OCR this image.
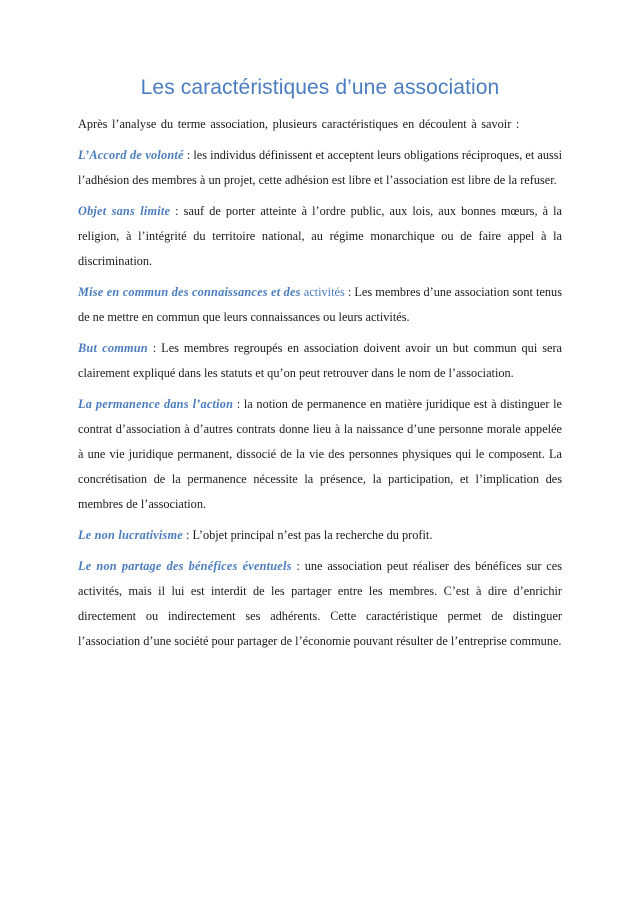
Les caractéristiques d’une association

Après l’analyse du terme association, plusieurs caractéristiques en découlent à savoir :

L’Accord de volonté : les individus définissent et acceptent leurs obligations réciproques, et aussi l’adhésion des membres à un projet, cette adhésion est libre et l’association est libre de la refuser.

Objet sans limite : sauf de porter atteinte à l’ordre public, aux lois, aux bonnes mœurs, à la religion, à l’intégrité du territoire national, au régime monarchique ou de faire appel à la discrimination.

Mise en commun des connaissances et des activités : Les membres d’une association sont tenus de ne mettre en commun que leurs connaissances ou leurs activités.

But commun : Les membres regroupés en association doivent avoir un but commun qui sera clairement expliqué dans les statuts et qu’on peut retrouver dans le nom de l’association.

La permanence dans l’action : la notion de permanence en matière juridique est à distinguer le contrat d’association à d’autres contrats donne lieu à la naissance d’une personne morale appelée à une vie juridique permanent, dissocié de la vie des personnes physiques qui le composent. La concrétisation de la permanence nécessite la présence, la participation, et l’implication des membres de l’association.

Le non lucrativisme : L’objet principal n’est pas la recherche du profit.

Le non partage des bénéfices éventuels : une association peut réaliser des bénéfices sur ces activités, mais il lui est interdit de les partager entre les membres. C’est à dire d’enrichir directement ou indirectement ses adhérents. Cette caractéristique permet de distinguer l’association d’une société pour partager de l’économie pouvant résulter de l’entreprise commune.
